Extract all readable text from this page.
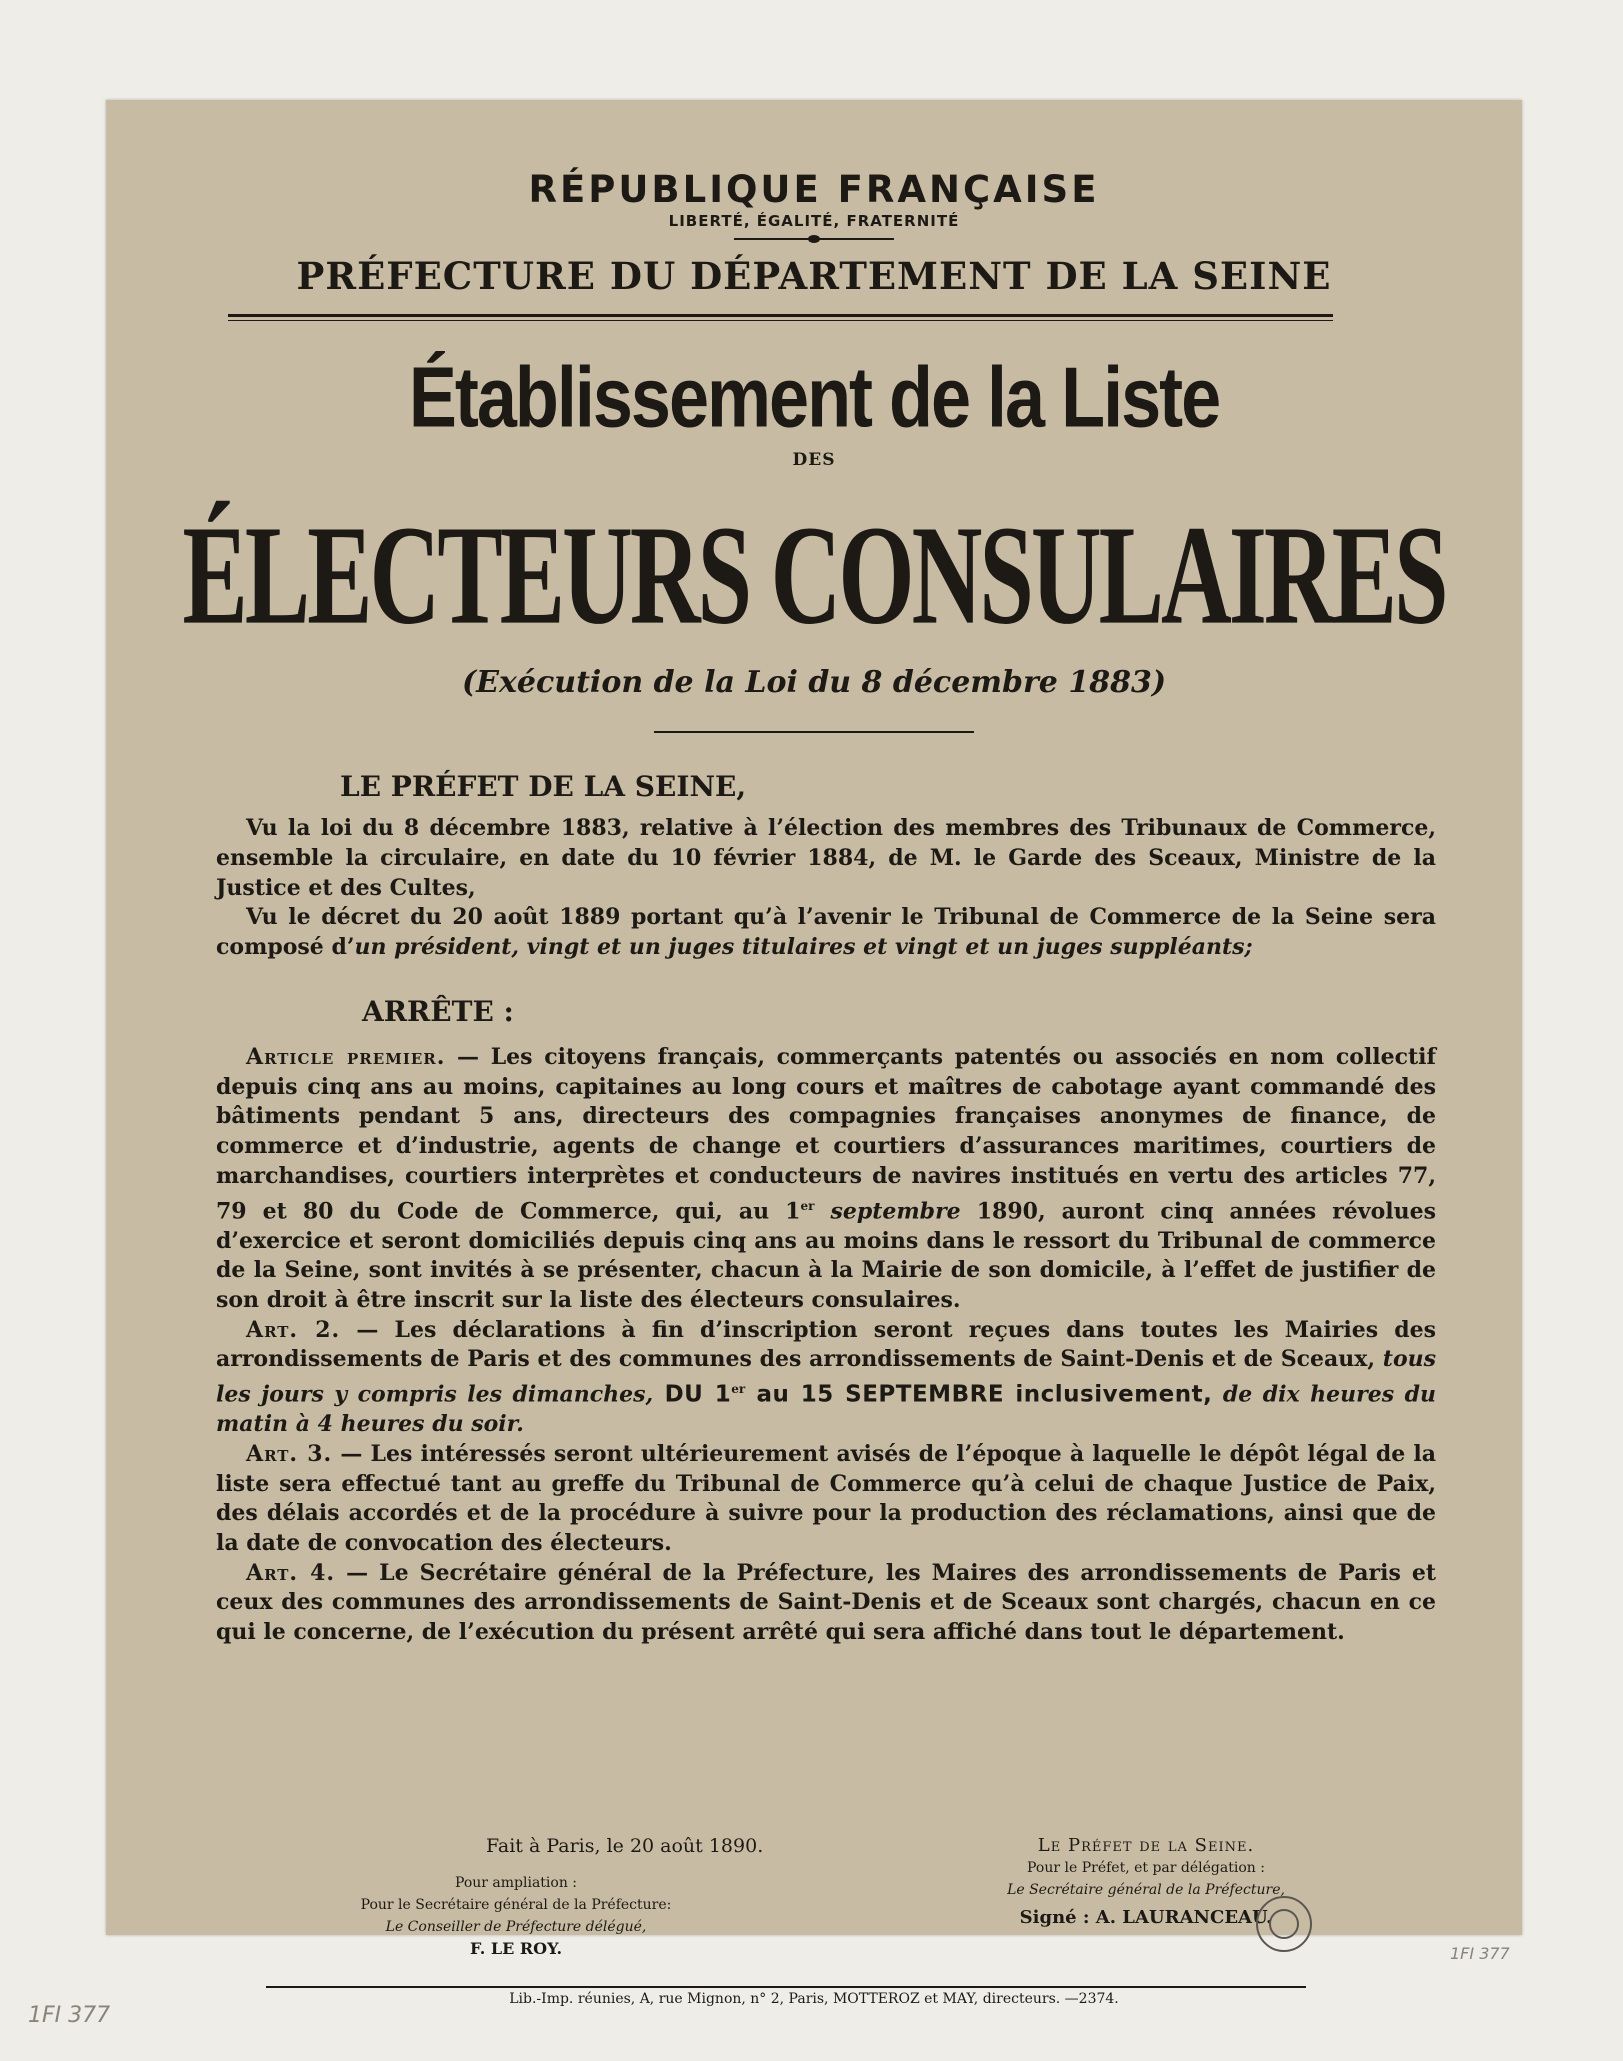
RÉPUBLIQUE FRANÇAISE
LIBERTÉ, ÉGALITÉ, FRATERNITÉ
PRÉFECTURE DU DÉPARTEMENT DE LA SEINE
Établissement de la Liste
DES
ÉLECTEURS CONSULAIRES
(Exécution de la Loi du 8 décembre 1883)
LE PRÉFET DE LA SEINE,

Vu la loi du 8 décembre 1883, relative à l’élection des membres des Tribunaux de Commerce, ensemble la circulaire, en date du 10 février 1884, de M. le Garde des Sceaux, Ministre de la Justice et des Cultes,

Vu le décret du 20 août 1889 portant qu’à l’avenir le Tribunal de Commerce de la Seine sera composé d’un président, vingt et un juges titulaires et vingt et un juges suppléants;

ARRÊTE :

Article premier. — Les citoyens français, commerçants patentés ou associés en nom collectif depuis cinq ans au moins, capitaines au long cours et maîtres de cabotage ayant commandé des bâtiments pendant 5 ans, directeurs des compagnies françaises anonymes de finance, de commerce et d’industrie, agents de change et courtiers d’assurances maritimes, courtiers de marchandises, courtiers interprètes et conducteurs de navires institués en vertu des articles 77, 79 et 80 du Code de Commerce, qui, au 1er septembre 1890, auront cinq années révolues d’exercice et seront domiciliés depuis cinq ans au moins dans le ressort du Tribunal de commerce de la Seine, sont invités à se présenter, chacun à la Mairie de son domicile, à l’effet de justifier de son droit à être inscrit sur la liste des électeurs consulaires.

Art. 2. — Les déclarations à fin d’inscription seront reçues dans toutes les Mairies des arrondissements de Paris et des communes des arrondissements de Saint-Denis et de Sceaux, tous les jours y compris les dimanches, DU 1er au 15 SEPTEMBRE inclusivement, de dix heures du matin à 4 heures du soir.

Art. 3. — Les intéressés seront ultérieurement avisés de l’époque à laquelle le dépôt légal de la liste sera effectué tant au greffe du Tribunal de Commerce qu’à celui de chaque Justice de Paix, des délais accordés et de la procédure à suivre pour la production des réclamations, ainsi que de la date de convocation des électeurs.

Art. 4. — Le Secrétaire général de la Préfecture, les Maires des arrondissements de Paris et ceux des communes des arrondissements de Saint-Denis et de Sceaux sont chargés, chacun en ce qui le concerne, de l’exécution du présent arrêté qui sera affiché dans tout le département.

Fait à Paris, le 20 août 1890.
Pour ampliation :
Pour le Secrétaire général de la Préfecture:
Le Conseiller de Préfecture délégué,
F. LE ROY.
Le Préfet de la Seine.
Pour le Préfet, et par délégation :
Le Secrétaire général de la Préfecture,
Signé : A. LAURANCEAU.
Lib.-Imp. réunies, A, rue Mignon, n° 2, Paris, MOTTEROZ et MAY, directeurs. —2374.
1FI 377
1FI 377
